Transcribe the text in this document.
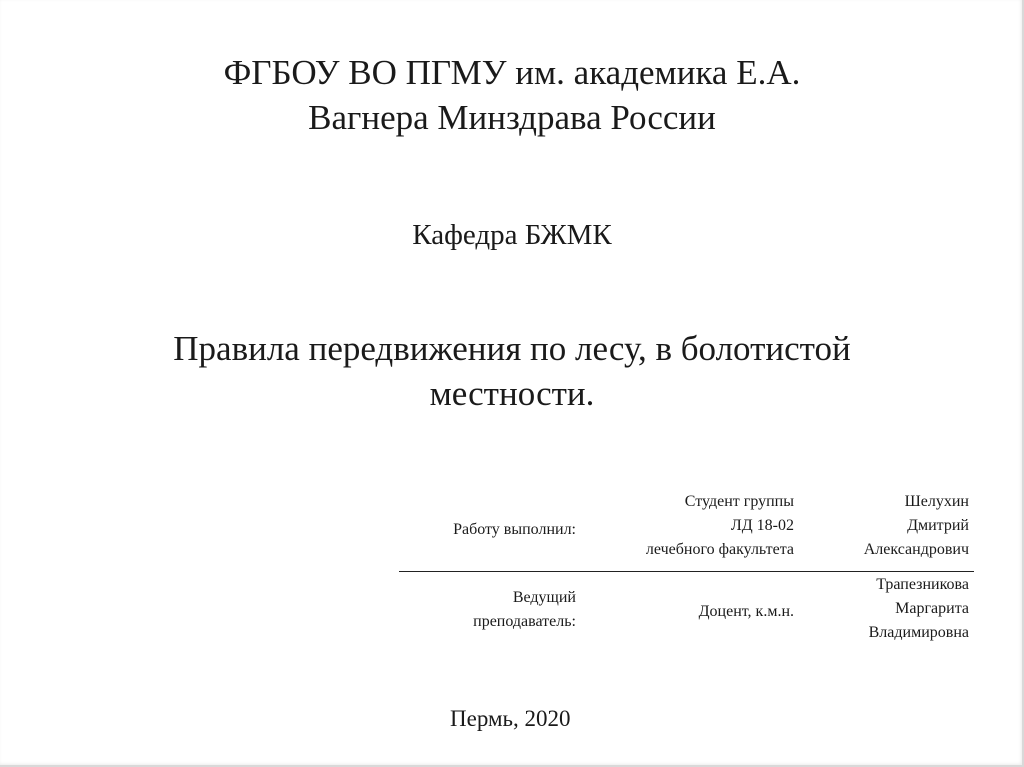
ФГБОУ ВО ПГМУ им. академика Е.А.
Вагнера Минздрава России
Кафедра БЖМК
Правила передвижения по лесу, в болотистой
местности.
Работу выполнил:
Студент группы
ЛД 18-02
лечебного факультета
Шелухин
Дмитрий
Александрович
Ведущий
преподаватель:
Доцент, к.м.н.
Трапезникова
Маргарита
Владимировна
Пермь, 2020
